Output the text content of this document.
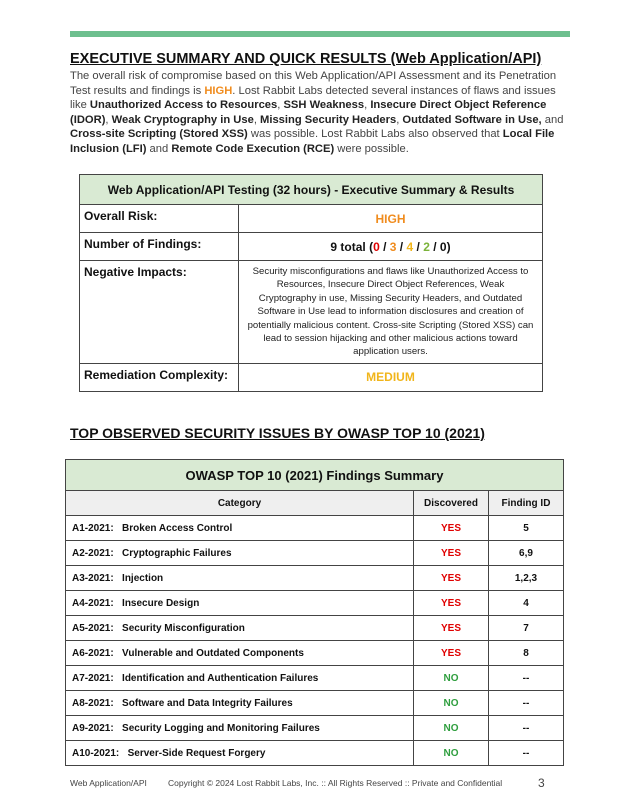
EXECUTIVE SUMMARY AND QUICK RESULTS (Web Application/API)
The overall risk of compromise based on this Web Application/API Assessment and its Penetration Test results and findings is HIGH. Lost Rabbit Labs detected several instances of flaws and issues like Unauthorized Access to Resources, SSH Weakness, Insecure Direct Object Reference (IDOR), Weak Cryptography in Use, Missing Security Headers, Outdated Software in Use, and Cross-site Scripting (Stored XSS) was possible. Lost Rabbit Labs also observed that Local File Inclusion (LFI) and Remote Code Execution (RCE) were possible.
Web Application/API Testing (32 hours) - Executive Summary & Results	
Overall Risk:	HIGH
Number of Findings:	9 total (0 / 3 / 4 / 2 / 0)
Negative Impacts:	Security misconfigurations and flaws like Unauthorized Access to Resources, Insecure Direct Object References, Weak Cryptography in use, Missing Security Headers, and Outdated Software in Use lead to information disclosures and creation of potentially malicious content. Cross-site Scripting (Stored XSS) can lead to session hijacking and other malicious actions toward application users.
Remediation Complexity:	MEDIUM
TOP OBSERVED SECURITY ISSUES BY OWASP TOP 10 (2021)
OWASP TOP 10 (2021) Findings Summary		
Category	Discovered	Finding ID
A1-2021: Broken Access Control	YES	5
A2-2021: Cryptographic Failures	YES	6,9
A3-2021: Injection	YES	1,2,3
A4-2021: Insecure Design	YES	4
A5-2021: Security Misconfiguration	YES	7
A6-2021: Vulnerable and Outdated Components	YES	8
A7-2021: Identification and Authentication Failures	NO	--
A8-2021: Software and Data Integrity Failures	NO	--
A9-2021: Security Logging and Monitoring Failures	NO	--
A10-2021: Server-Side Request Forgery	NO	--
Web Application/API Copyright © 2024 Lost Rabbit Labs, Inc. :: All Rights Reserved :: Private and Confidential	3
